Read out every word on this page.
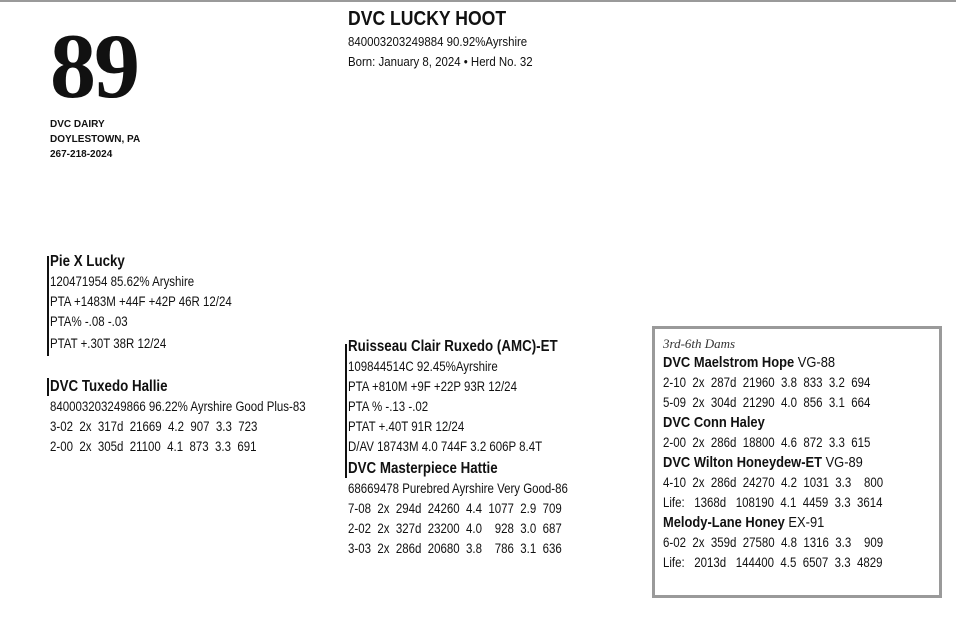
89
DVC DAIRY
DOYLESTOWN, PA
267-218-2024
DVC LUCKY HOOT
840003203249884 90.92%Ayrshire
Born: January 8, 2024 • Herd No. 32
Pie X Lucky
120471954 85.62% Aryshire
PTA +1483M +44F +42P 46R 12/24
PTA% -.08 -.03
PTAT +.30T 38R 12/24
DVC Tuxedo Hallie
840003203249866 96.22% Ayrshire Good Plus-83
3-02  2x  317d  21669  4.2  907  3.3  723
2-00  2x  305d  21100  4.1  873  3.3  691
Ruisseau Clair Ruxedo (AMC)-ET
109844514C 92.45%Ayrshire
PTA +810M +9F +22P 93R 12/24
PTA % -.13 -.02
PTAT +.40T 91R 12/24
D/AV 18743M 4.0 744F 3.2 606P 8.4T
DVC Masterpiece Hattie
68669478 Purebred Ayrshire Very Good-86
7-08  2x  294d  24260  4.4  1077  2.9  709
2-02  2x  327d  23200  4.0    928  3.0  687
3-03  2x  286d  20680  3.8    786  3.1  636
3rd-6th Dams
DVC Maelstrom Hope VG-88
2-10  2x  287d  21960  3.8  833  3.2  694
5-09  2x  304d  21290  4.0  856  3.1  664
DVC Conn Haley
2-00  2x  286d  18800  4.6  872  3.3  615
DVC Wilton Honeydew-ET VG-89
4-10  2x  286d  24270  4.2  1031  3.3    800
Life:   1368d   108190  4.1  4459  3.3  3614
Melody-Lane Honey EX-91
6-02  2x  359d  27580  4.8  1316  3.3    909
Life:   2013d   144400  4.5  6507  3.3  4829
